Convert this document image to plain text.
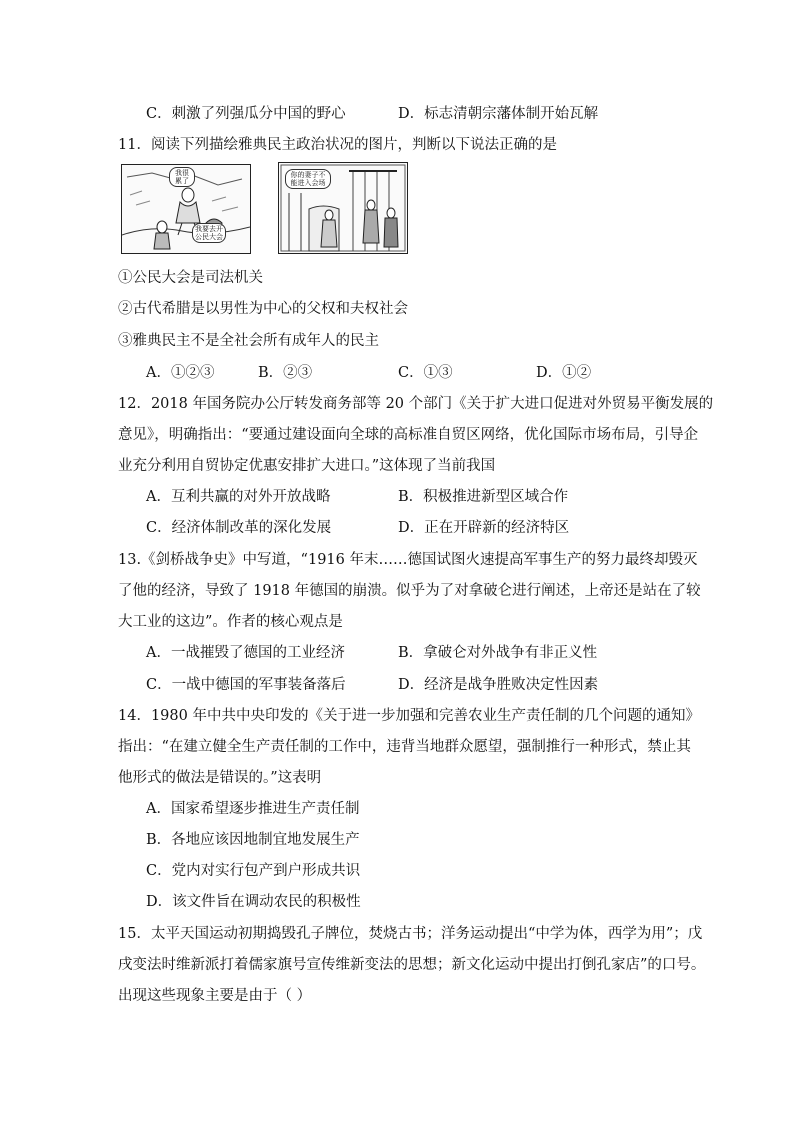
C．刺激了列强瓜分中国的野心	D．标志清朝宗藩体制开始瓦解
11．阅读下列描绘雅典民主政治状况的图片，判断以下说法正确的是
我很累了
我要去开公民大会
你的妻子不能进入会场
①公民大会是司法机关
②古代希腊是以男性为中心的父权和夫权社会
③雅典民主不是全社会所有成年人的民主
A．①②③	B．②③	C．①③	D．①②
12．2018 年国务院办公厅转发商务部等 20 个部门《关于扩大进口促进对外贸易平衡发展的
意见》，明确指出：“要通过建设面向全球的高标准自贸区网络，优化国际市场布局，引导企
业充分利用自贸协定优惠安排扩大进口。”这体现了当前我国
A．互利共赢的对外开放战略	B．积极推进新型区域合作
C．经济体制改革的深化发展	D．正在开辟新的经济特区
13.《剑桥战争史》中写道，“1916 年末……德国试图火速提高军事生产的努力最终却毁灭
了他的经济，导致了 1918 年德国的崩溃。似乎为了对拿破仑进行阐述，上帝还是站在了较
大工业的这边”。作者的核心观点是
A．一战摧毁了德国的工业经济	B．拿破仑对外战争有非正义性
C．一战中德国的军事装备落后	D．经济是战争胜败决定性因素
14．1980 年中共中央印发的《关于进一步加强和完善农业生产责任制的几个问题的通知》
指出：“在建立健全生产责任制的工作中，违背当地群众愿望，强制推行一种形式，禁止其
他形式的做法是错误的。”这表明
A．国家希望逐步推进生产责任制
B．各地应该因地制宜地发展生产
C．党内对实行包产到户形成共识
D．该文件旨在调动农民的积极性
15．太平天国运动初期捣毁孔子牌位，焚烧古书；洋务运动提出“中学为体，西学为用”；戊
戌变法时维新派打着儒家旗号宣传维新变法的思想；新文化运动中提出打倒孔家店”的口号。
出现这些现象主要是由于（ ）
